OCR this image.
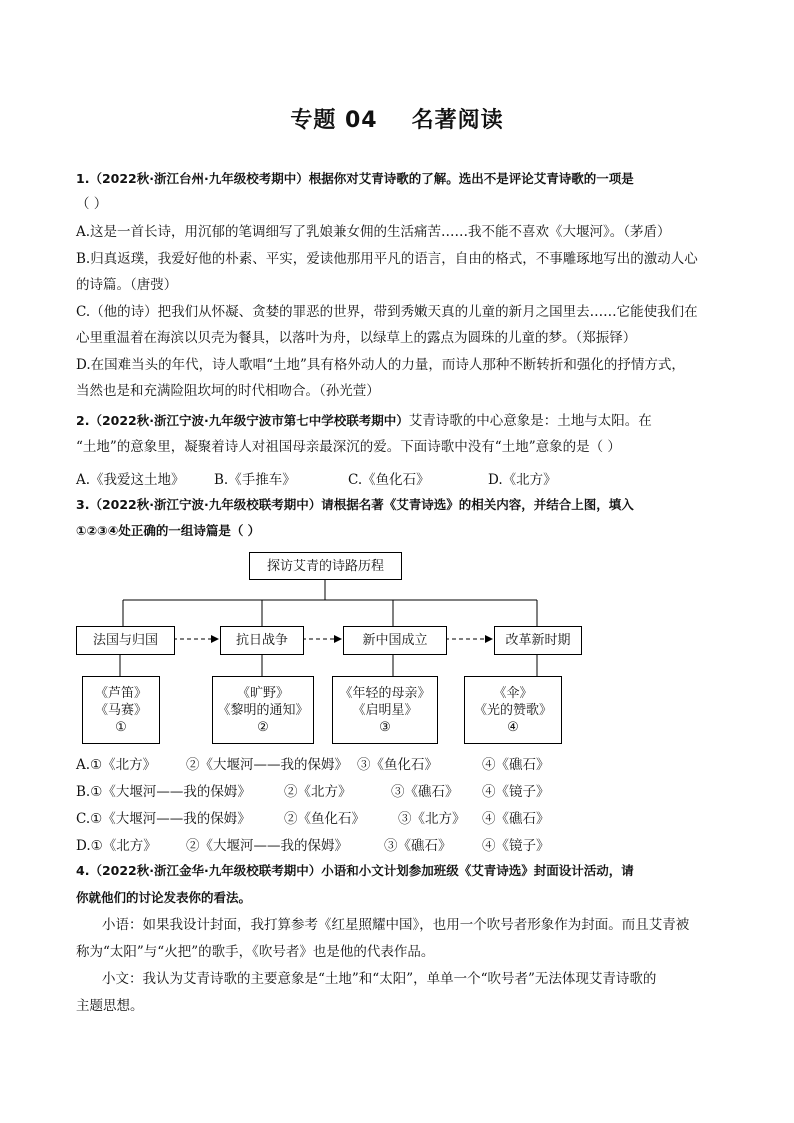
专题 04 名著阅读
1.（2022秋·浙江台州·九年级校考期中）根据你对艾青诗歌的了解。选出不是评论艾青诗歌的一项是
（ ）
A.这是一首长诗，用沉郁的笔调细写了乳娘兼女佣的生活痛苦……我不能不喜欢《大堰河》。（茅盾）
B.归真返璞，我爱好他的朴素、平实，爱读他那用平凡的语言，自由的格式，不事雕琢地写出的激动人心
的诗篇。（唐弢）
C.（他的诗）把我们从怀凝、贪婪的罪恶的世界，带到秀嫩天真的儿童的新月之国里去……它能使我们在
心里重温着在海滨以贝壳为餐具，以落叶为舟，以绿草上的露点为圆珠的儿童的梦。（郑振铎）
D.在国难当头的年代，诗人歌唱“土地”具有格外动人的力量，而诗人那种不断转折和强化的抒情方式，
当然也是和充满险阻坎坷的时代相吻合。（孙光萱）
2.（2022秋·浙江宁波·九年级宁波市第七中学校联考期中）艾青诗歌的中心意象是：土地与太阳。在
“土地”的意象里，凝聚着诗人对祖国母亲最深沉的爱。下面诗歌中没有“土地”意象的是（ ）
A.《我爱这土地》 B.《手推车》	C.《鱼化石》	D.《北方》
3.（2022秋·浙江宁波·九年级校联考期中）请根据名著《艾青诗选》的相关内容，并结合上图，填入
①②③④处正确的一组诗篇是（ ）
探访艾青的诗路历程
法国与归国	抗日战争	新中国成立	改革新时期
《芦笛》
《马赛》
①
《旷野》
《黎明的通知》
②
《年轻的母亲》
《启明星》
③
《伞》
《光的赞歌》
④
A.①《北方》 ②《大堰河——我的保姆》 ③《鱼化石》	④《礁石》
B.①《大堰河——我的保姆》 ②《北方》	③《礁石》 ④《镜子》
C.①《大堰河——我的保姆》 ②《鱼化石》 ③《北方》 ④《礁石》
D.①《北方》 ②《大堰河——我的保姆》	③《礁石》 ④《镜子》
4.（2022秋·浙江金华·九年级校联考期中）小语和小文计划参加班级《艾青诗选》封面设计活动，请
你就他们的讨论发表你的看法。
小语：如果我设计封面，我打算参考《红星照耀中国》，也用一个吹号者形象作为封面。而且艾青被
称为“太阳”与“火把”的歌手，《吹号者》也是他的代表作品。
小文：我认为艾青诗歌的主要意象是“土地”和“太阳”，单单一个“吹号者”无法体现艾青诗歌的
主题思想。
